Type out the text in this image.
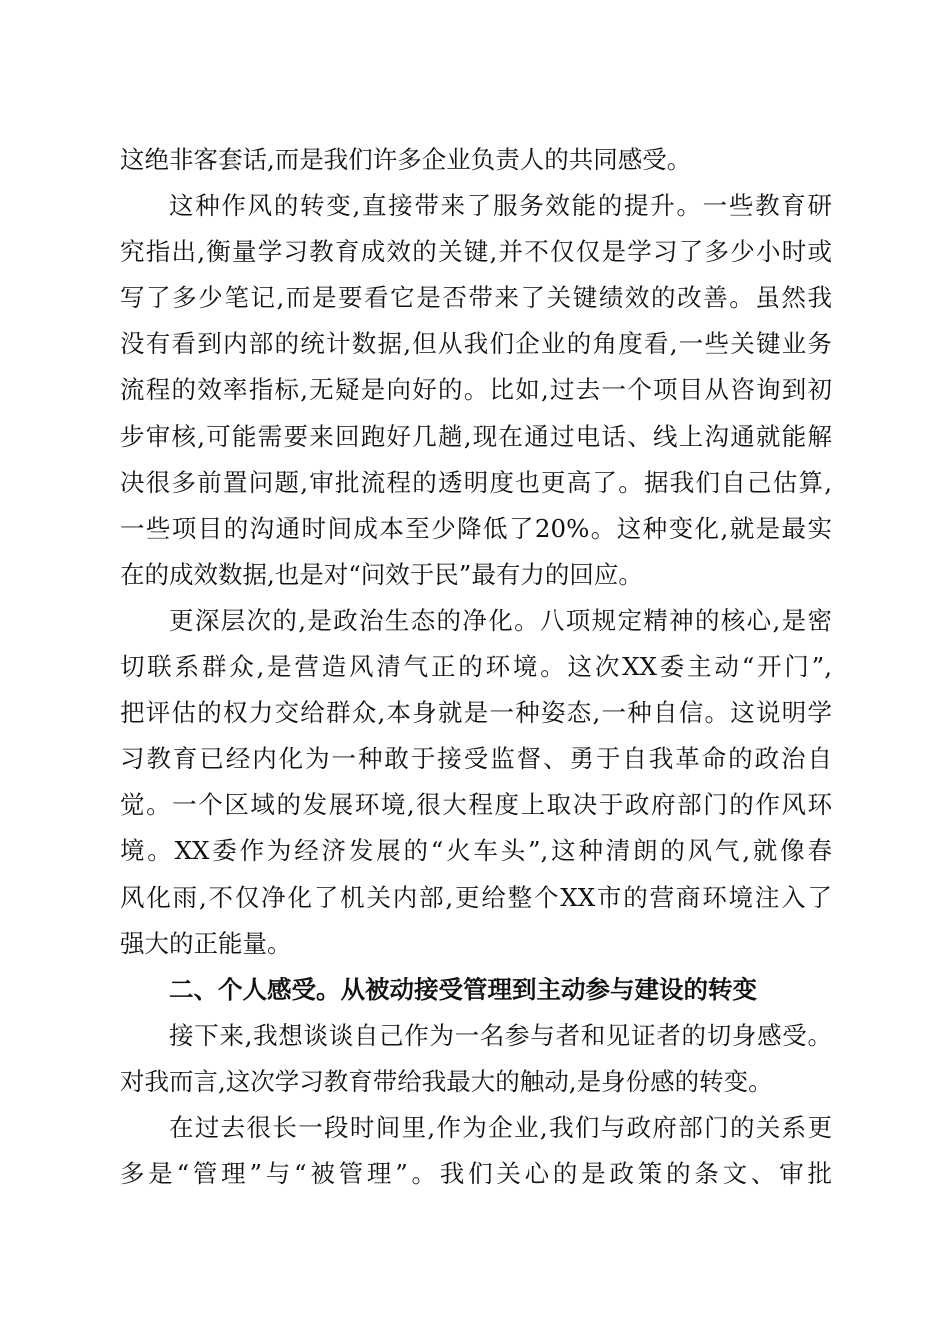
这绝非客套话,而是我们许多企业负责人的共同感受。
这种作风的转变,直接带来了服务效能的提升。一些教育研
究指出,衡量学习教育成效的关键,并不仅仅是学习了多少小时或
写了多少笔记,而是要看它是否带来了关键绩效的改善。虽然我
没有看到内部的统计数据,但从我们企业的角度看,一些关键业务
流程的效率指标,无疑是向好的。比如,过去一个项目从咨询到初
步审核,可能需要来回跑好几趟,现在通过电话、线上沟通就能解
决很多前置问题,审批流程的透明度也更高了。据我们自己估算,
一些项目的沟通时间成本至少降低了20%。这种变化,就是最实
在的成效数据,也是对“问效于民”最有力的回应。
更深层次的,是政治生态的净化。八项规定精神的核心,是密
切联系群众,是营造风清气正的环境。这次XX委主动“开门”,
把评估的权力交给群众,本身就是一种姿态,一种自信。这说明学
习教育已经内化为一种敢于接受监督、勇于自我革命的政治自
觉。一个区域的发展环境,很大程度上取决于政府部门的作风环
境。XX委作为经济发展的“火车头”,这种清朗的风气,就像春
风化雨,不仅净化了机关内部,更给整个XX市的营商环境注入了
强大的正能量。
二、个人感受。从被动接受管理到主动参与建设的转变
接下来,我想谈谈自己作为一名参与者和见证者的切身感受。
对我而言,这次学习教育带给我最大的触动,是身份感的转变。
在过去很长一段时间里,作为企业,我们与政府部门的关系更
多是“管理”与“被管理”。我们关心的是政策的条文、审批
